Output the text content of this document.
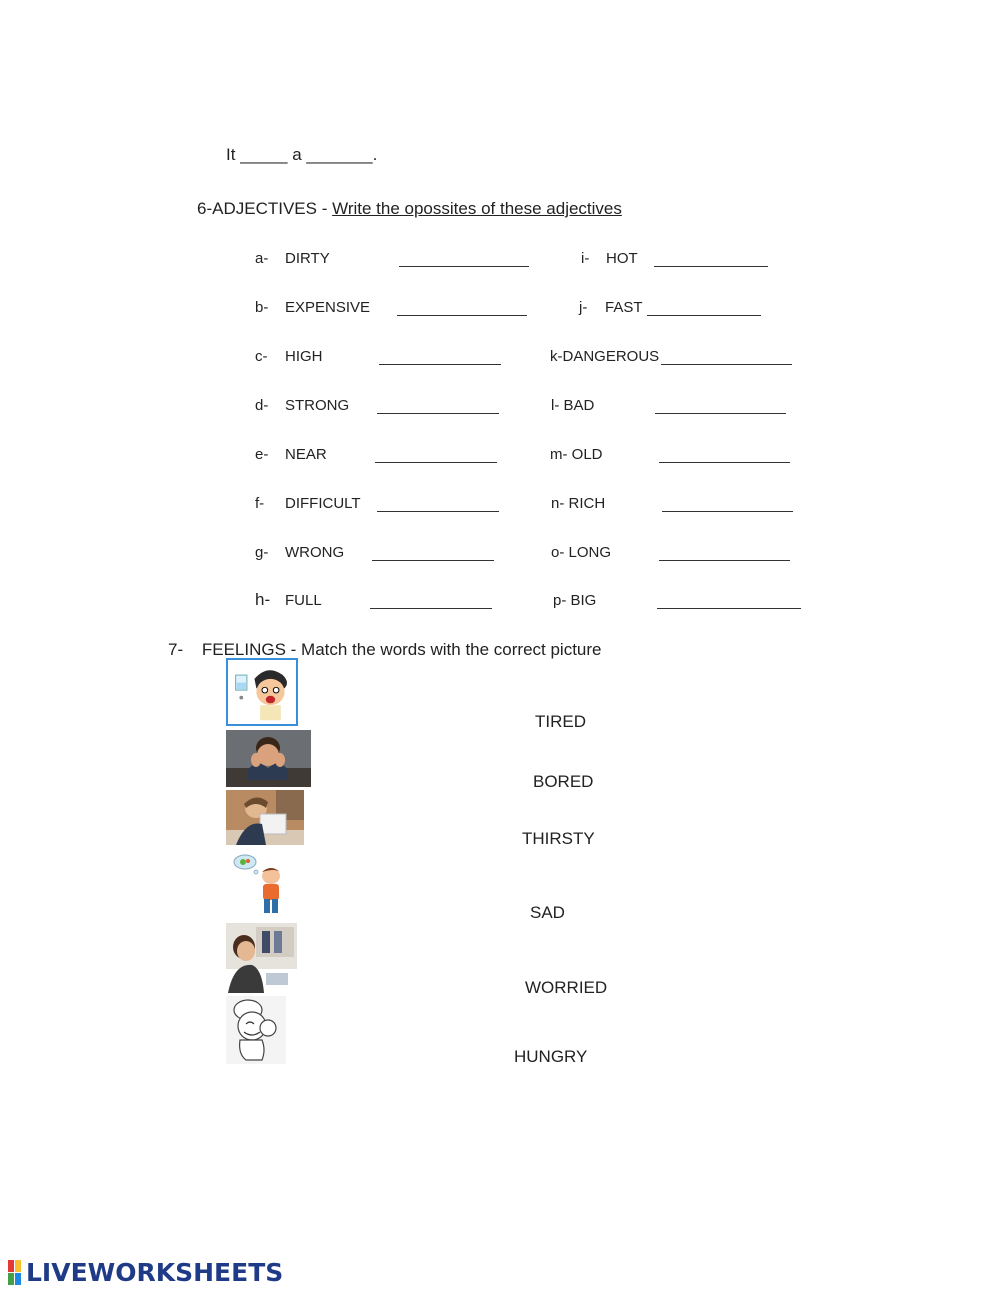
It _____ a _______.
6-ADJECTIVES - Write the opossites of these adjectives
a- DIRTY
b- EXPENSIVE
c- HIGH
d- STRONG
e- NEAR
f- DIFFICULT
g- WRONG
h- FULL
i- HOT
j- FAST
k-DANGEROUS
l- BAD
m- OLD
n- RICH
o- LONG
p- BIG
7- FEELINGS - Match the words with the correct picture
TIRED
BORED
THIRSTY
SAD
WORRIED
HUNGRY
LIVEWORKSHEETS
